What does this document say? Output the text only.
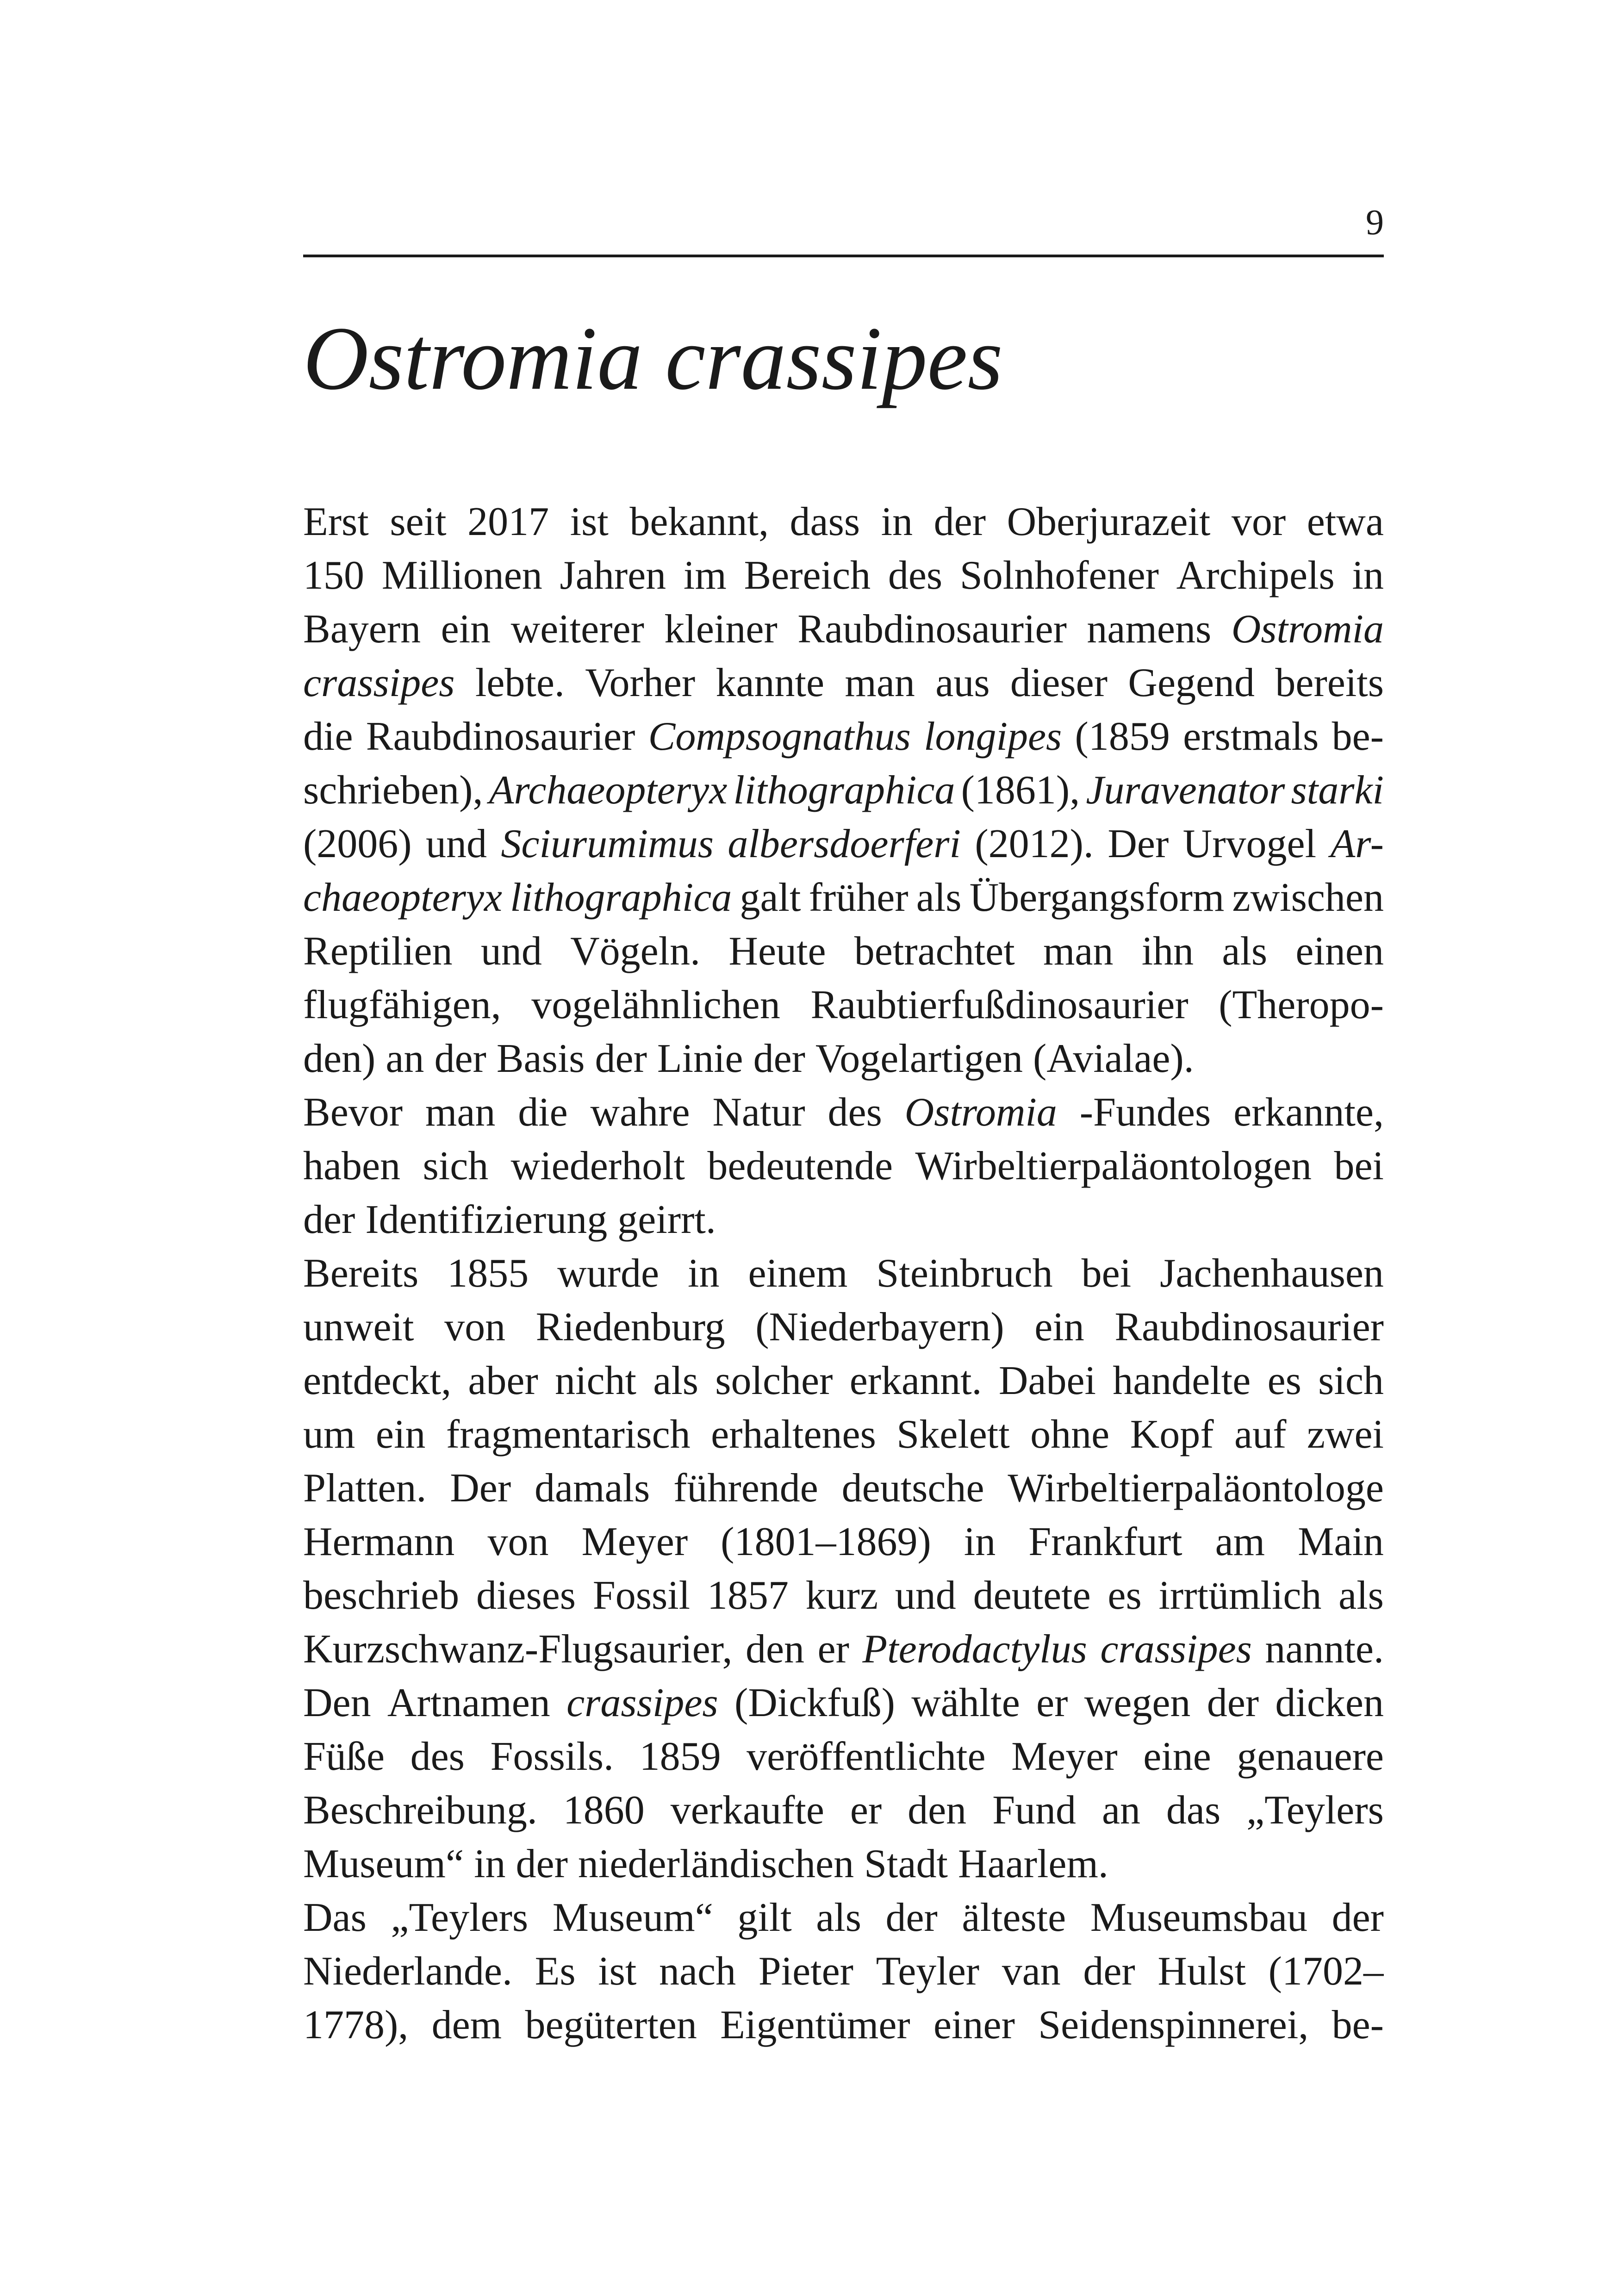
9
Ostromia crassipes
Erst seit 2017 ist bekannt, dass in der Oberjurazeit vor etwa
150 Millionen Jahren im Bereich des Solnhofener Archipels in
Bayern ein weiterer kleiner Raubdinosaurier namens Ostromia
crassipes lebte. Vorher kannte man aus dieser Gegend bereits
die Raubdinosaurier Compsognathus longipes (1859 erstmals be-
schrieben), Archaeopteryx lithographica (1861), Juravenator starki
(2006) und Sciurumimus albersdoerferi (2012). Der Urvogel Ar-
chaeopteryx lithographica galt früher als Übergangsform zwischen
Reptilien und Vögeln. Heute betrachtet man ihn als einen
flugfähigen, vogelähnlichen Raubtierfußdinosaurier (Theropo-
den) an der Basis der Linie der Vogelartigen (Avialae).
Bevor man die wahre Natur des Ostromia -Fundes erkannte,
haben sich wiederholt bedeutende Wirbeltierpaläontologen bei
der Identifizierung geirrt.
Bereits 1855 wurde in einem Steinbruch bei Jachenhausen
unweit von Riedenburg (Niederbayern) ein Raubdinosaurier
entdeckt, aber nicht als solcher erkannt. Dabei handelte es sich
um ein fragmentarisch erhaltenes Skelett ohne Kopf auf zwei
Platten. Der damals führende deutsche Wirbeltierpaläontologe
Hermann von Meyer (1801–1869) in Frankfurt am Main
beschrieb dieses Fossil 1857 kurz und deutete es irrtümlich als
Kurzschwanz-Flugsaurier, den er Pterodactylus crassipes nannte.
Den Artnamen crassipes (Dickfuß) wählte er wegen der dicken
Füße des Fossils. 1859 veröffentlichte Meyer eine genauere
Beschreibung. 1860 verkaufte er den Fund an das „Teylers
Museum“ in der niederländischen Stadt Haarlem.
Das „Teylers Museum“ gilt als der älteste Museumsbau der
Niederlande. Es ist nach Pieter Teyler van der Hulst (1702–
1778), dem begüterten Eigentümer einer Seidenspinnerei, be-
